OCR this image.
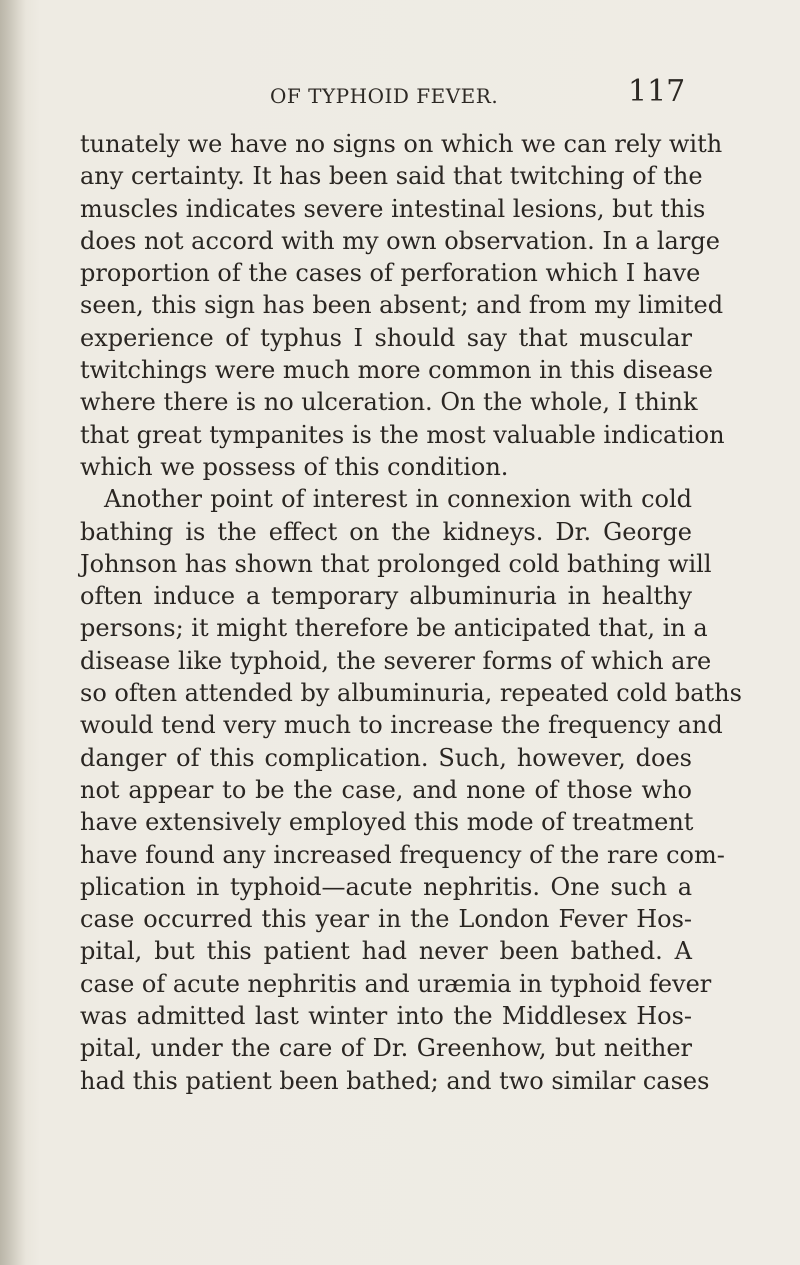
OF TYPHOID FEVER.	117
tunately we have no signs on which we can rely with
any certainty. It has been said that twitching of the
muscles indicates severe intestinal lesions, but this
does not accord with my own observation. In a large
proportion of the cases of perforation which I have
seen, this sign has been absent; and from my limited
experience of typhus I should say that muscular
twitchings were much more common in this disease
where there is no ulceration. On the whole, I think
that great tympanites is the most valuable indication
which we possess of this condition.
Another point of interest in connexion with cold
bathing is the effect on the kidneys. Dr. George
Johnson has shown that prolonged cold bathing will
often induce a temporary albuminuria in healthy
persons; it might therefore be anticipated that, in a
disease like typhoid, the severer forms of which are
so often attended by albuminuria, repeated cold baths
would tend very much to increase the frequency and
danger of this complication. Such, however, does
not appear to be the case, and none of those who
have extensively employed this mode of treatment
have found any increased frequency of the rare com-
plication in typhoid—acute nephritis. One such a
case occurred this year in the London Fever Hos-
pital, but this patient had never been bathed. A
case of acute nephritis and uræmia in typhoid fever
was admitted last winter into the Middlesex Hos-
pital, under the care of Dr. Greenhow, but neither
had this patient been bathed; and two similar cases
